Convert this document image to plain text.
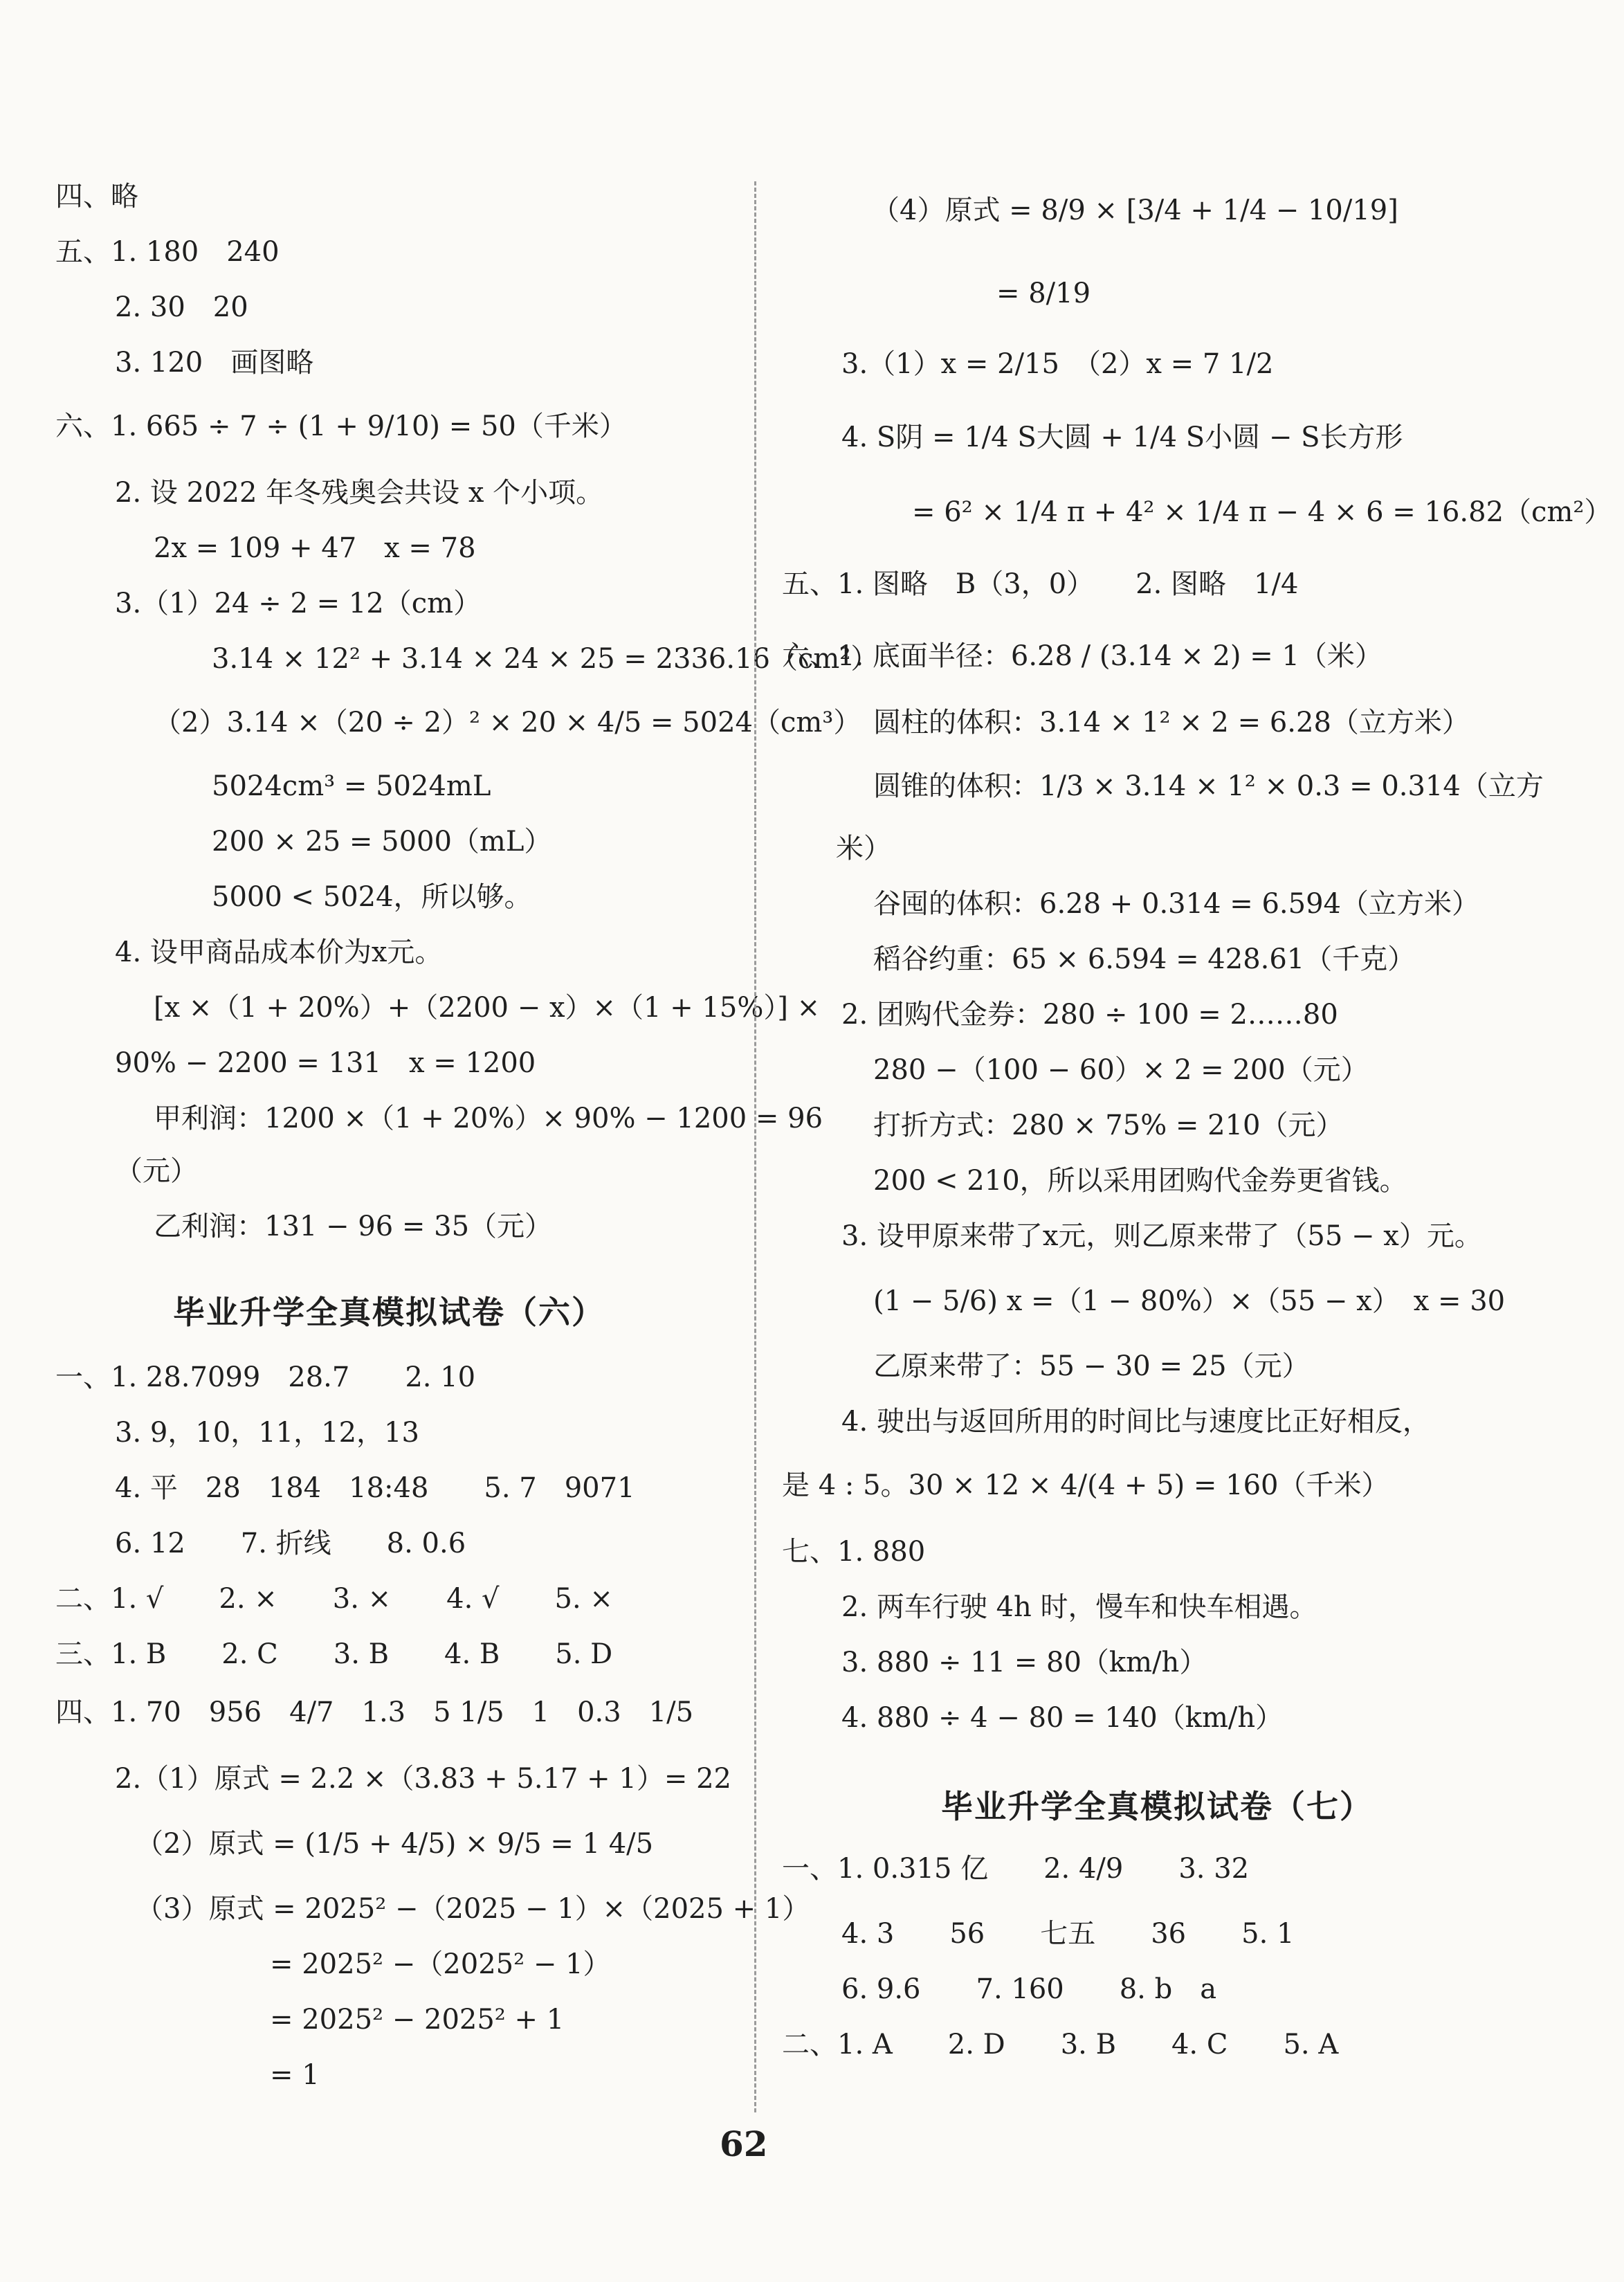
四、略
五、1. 180　240
2. 30　20
3. 120　画图略
六、1. 665 ÷ 7 ÷ (1 + 9/10) = 50（千米）
2. 设 2022 年冬残奥会共设 x 个小项。
2x = 109 + 47　x = 78
3.（1）24 ÷ 2 = 12（cm）
3.14 × 12² + 3.14 × 24 × 25 = 2336.16（cm²）
（2）3.14 ×（20 ÷ 2）² × 20 × 4/5 = 5024（cm³）
5024cm³ = 5024mL
200 × 25 = 5000（mL）
5000 < 5024，所以够。
4. 设甲商品成本价为x元。
[x ×（1 + 20%）+（2200 − x）×（1 + 15%）] ×
90% − 2200 = 131　x = 1200
甲利润：1200 ×（1 + 20%）× 90% − 1200 = 96
（元）
乙利润：131 − 96 = 35（元）
毕业升学全真模拟试卷（六）
一、1. 28.7099　28.7　　2. 10
3. 9，10，11，12，13
4. 平　28　184　18:48　　5. 7　9071
6. 12　　7. 折线　　8. 0.6
二、1. √　　2. ×　　3. ×　　4. √　　5. ×
三、1. B　　2. C　　3. B　　4. B　　5. D
四、1. 70　956　4/7　1.3　5 1/5　1　0.3　1/5
2.（1）原式 = 2.2 ×（3.83 + 5.17 + 1）= 22
（2）原式 = (1/5 + 4/5) × 9/5 = 1 4/5
（3）原式 = 2025² −（2025 − 1）×（2025 + 1）
= 2025² −（2025² − 1）
= 2025² − 2025² + 1
= 1
（4）原式 = 8/9 × [3/4 + 1/4 − 10/19]
= 8/19
3.（1）x = 2/15　（2）x = 7 1/2
4. S阴 = 1/4 S大圆 + 1/4 S小圆 − S长方形
= 6² × 1/4 π + 4² × 1/4 π − 4 × 6 = 16.82（cm²）
五、1. 图略　B（3，0）　　2. 图略　1/4
六、1. 底面半径：6.28 / (3.14 × 2) = 1（米）
圆柱的体积：3.14 × 1² × 2 = 6.28（立方米）
圆锥的体积：1/3 × 3.14 × 1² × 0.3 = 0.314（立方
米）
谷囤的体积：6.28 + 0.314 = 6.594（立方米）
稻谷约重：65 × 6.594 = 428.61（千克）
2. 团购代金券：280 ÷ 100 = 2……80
280 −（100 − 60）× 2 = 200（元）
打折方式：280 × 75% = 210（元）
200 < 210，所以采用团购代金券更省钱。
3. 设甲原来带了x元，则乙原来带了（55 − x）元。
(1 − 5/6) x =（1 − 80%）×（55 − x）　x = 30
乙原来带了：55 − 30 = 25（元）
4. 驶出与返回所用的时间比与速度比正好相反，
是 4 : 5。30 × 12 × 4/(4 + 5) = 160（千米）
七、1. 880
2. 两车行驶 4h 时，慢车和快车相遇。
3. 880 ÷ 11 = 80（km/h）
4. 880 ÷ 4 − 80 = 140（km/h）
毕业升学全真模拟试卷（七）
一、1. 0.315 亿　　2. 4/9　　3. 32
4. 3　　56　　七五　　36　　5. 1
6. 9.6　　7. 160　　8. b　a
二、1. A　　2. D　　3. B　　4. C　　5. A
62
